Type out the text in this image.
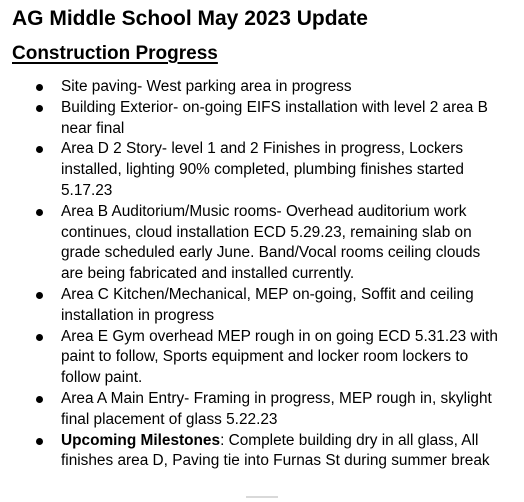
AG Middle School May 2023 Update
Construction Progress
Site paving- West parking area in progress
Building Exterior- on-going EIFS installation with level 2 area B near final
Area D 2 Story- level 1 and 2 Finishes in progress, Lockers installed, lighting 90% completed, plumbing finishes started 5.17.23
Area B Auditorium/Music rooms- Overhead auditorium work continues, cloud installation ECD 5.29.23, remaining slab on grade scheduled early June. Band/Vocal rooms ceiling clouds are being fabricated and installed currently.
Area C Kitchen/Mechanical, MEP on-going, Soffit and ceiling installation in progress
Area E Gym overhead MEP rough in on going ECD 5.31.23 with paint to follow, Sports equipment and locker room lockers to follow paint.
Area A Main Entry- Framing in progress, MEP rough in, skylight final placement of glass 5.22.23
Upcoming Milestones: Complete building dry in all glass, All finishes area D, Paving tie into Furnas St during summer break
